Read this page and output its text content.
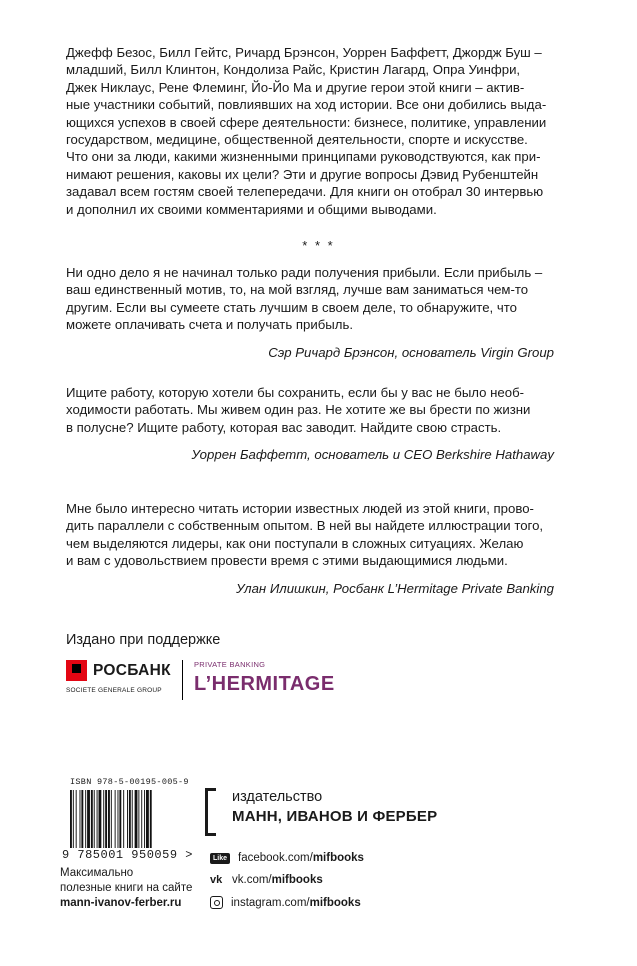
Джефф Безос, Билл Гейтс, Ричард Брэнсон, Уоррен Баффетт, Джордж Буш –

младший, Билл Клинтон, Кондолиза Райс, Кристин Лагард, Опра Уинфри,

Джек Никлаус, Рене Флеминг, Йо-Йо Ма и другие герои этой книги – актив-

ные участники событий, повлиявших на ход истории. Все они добились выда-

ющихся успехов в своей сфере деятельности: бизнесе, политике, управлении

государством, медицине, общественной деятельности, спорте и искусстве.

Что они за люди, какими жизненными принципами руководствуются, как при-

нимают решения, каковы их цели? Эти и другие вопросы Дэвид Рубенштейн

задавал всем гостям своей телепередачи. Для книги он отобрал 30 интервью

и дополнил их своими комментариями и общими выводами.

* * *

Ни одно дело я не начинал только ради получения прибыли. Если прибыль –

ваш единственный мотив, то, на мой взгляд, лучше вам заниматься чем-то

другим. Если вы сумеете стать лучшим в своем деле, то обнаружите, что

можете оплачивать счета и получать прибыль.

Сэр Ричард Брэнсон, основатель Virgin Group

Ищите работу, которую хотели бы сохранить, если бы у вас не было необ-

ходимости работать. Мы живем один раз. Не хотите же вы брести по жизни

в полусне? Ищите работу, которая вас заводит. Найдите свою страсть.

Уоррен Баффетт, основатель и CEO Berkshire Hathaway

Мне было интересно читать истории известных людей из этой книги, прово-

дить параллели с собственным опытом. В ней вы найдете иллюстрации того,

чем выделяются лидеры, как они поступали в сложных ситуациях. Желаю

и вам с удовольствием провести время с этими выдающимися людьми.

Улан Илишкин, Росбанк L’Hermitage Private Banking

Издано при поддержке
РОСБАНК
SOCIETE GENERALE GROUP
PRIVATE BANKING
L’HERMITAGE
ISBN 978-5-00195-005-9
9 785001 950059 >
издательство
МАНН, ИВАНОВ И ФЕРБЕР
Максимально
полезные книги на сайте
mann-ivanov-ferber.ru
Like facebook.com/ mifbooks
vk vk.com/ mifbooks
instagram.com/ mifbooks
